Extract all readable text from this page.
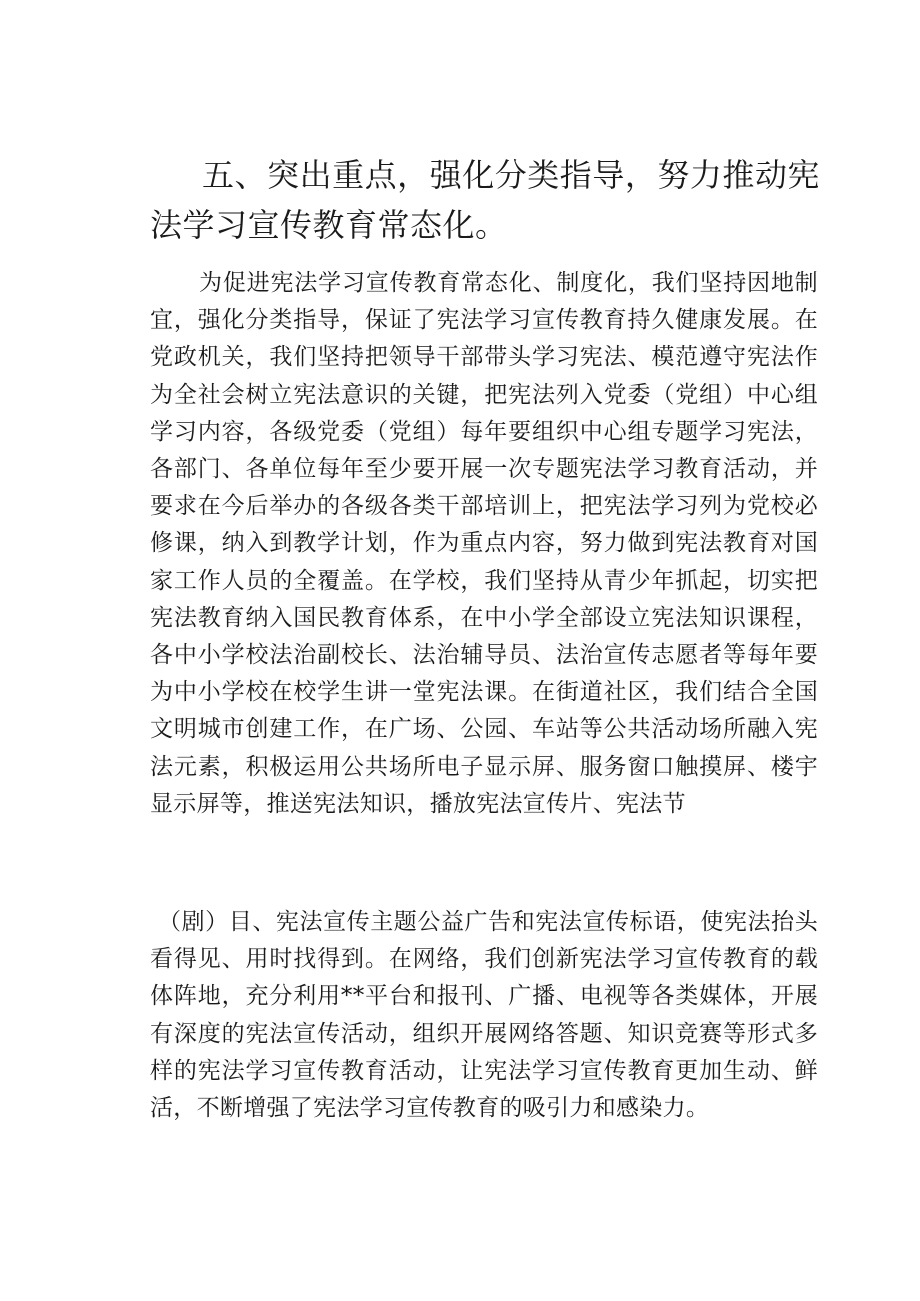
五、突出重点，强化分类指导，努力推动宪法学习宣传教育常态化。

为促进宪法学习宣传教育常态化、制度化，我们坚持因地制宜，强化分类指导，保证了宪法学习宣传教育持久健康发展。在党政机关，我们坚持把领导干部带头学习宪法、模范遵守宪法作为全社会树立宪法意识的关键，把宪法列入党委（党组）中心组学习内容，各级党委（党组）每年要组织中心组专题学习宪法，各部门、各单位每年至少要开展一次专题宪法学习教育活动，并要求在今后举办的各级各类干部培训上，把宪法学习列为党校必修课，纳入到教学计划，作为重点内容，努力做到宪法教育对国家工作人员的全覆盖。在学校，我们坚持从青少年抓起，切实把宪法教育纳入国民教育体系，在中小学全部设立宪法知识课程，各中小学校法治副校长、法治辅导员、法治宣传志愿者等每年要为中小学校在校学生讲一堂宪法课。在街道社区，我们结合全国文明城市创建工作，在广场、公园、车站等公共活动场所融入宪法元素，积极运用公共场所电子显示屏、服务窗口触摸屏、楼宇显示屏等，推送宪法知识，播放宪法宣传片、宪法节

（剧）目、宪法宣传主题公益广告和宪法宣传标语，使宪法抬头看得见、用时找得到。在网络，我们创新宪法学习宣传教育的载体阵地，充分利用**平台和报刊、广播、电视等各类媒体，开展有深度的宪法宣传活动，组织开展网络答题、知识竞赛等形式多样的宪法学习宣传教育活动，让宪法学习宣传教育更加生动、鲜活，不断增强了宪法学习宣传教育的吸引力和感染力。
